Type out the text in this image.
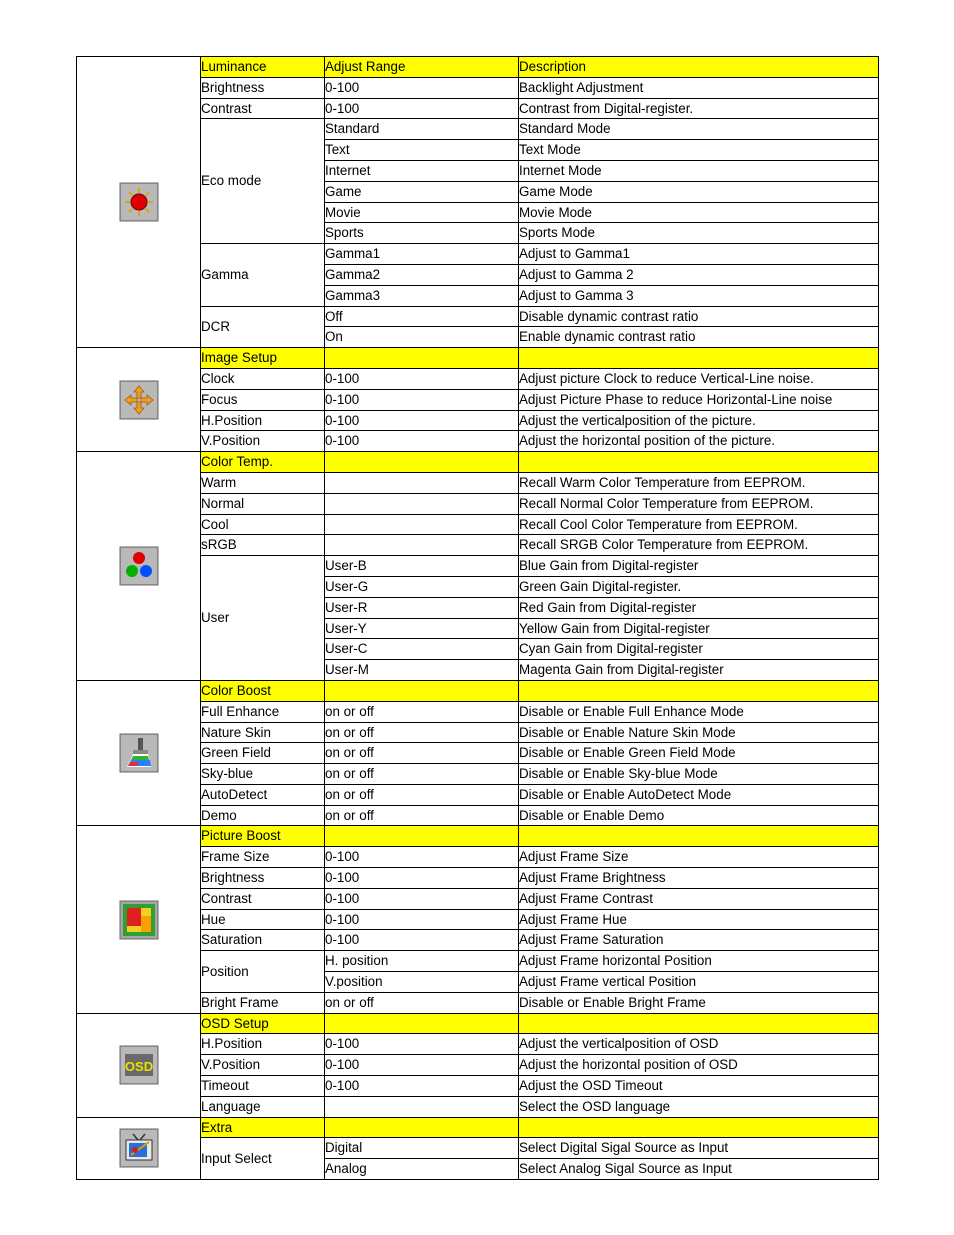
	Luminance	Adjust Range	Description
	Brightness	0-100	Backlight Adjustment
	Contrast	0-100	Contrast from Digital-register.
	Eco mode	Standard	Standard Mode
		Text	Text Mode
		Internet	Internet Mode
		Game	Game Mode
		Movie	Movie Mode
		Sports	Sports Mode
	Gamma	Gamma1	Adjust to Gamma1
		Gamma2	Adjust to Gamma 2
		Gamma3	Adjust to Gamma 3
	DCR	Off	Disable dynamic contrast ratio
		On	Enable dynamic contrast ratio
	Image Setup		
	Clock	0-100	Adjust picture Clock to reduce Vertical-Line noise.
	Focus	0-100	Adjust Picture Phase to reduce Horizontal-Line noise
	H.Position	0-100	Adjust the verticalposition of the picture.
	V.Position	0-100	Adjust the horizontal position of the picture.
	Color Temp.		
	Warm		Recall Warm Color Temperature from EEPROM.
	Normal		Recall Normal Color Temperature from EEPROM.
	Cool		Recall Cool Color Temperature from EEPROM.
	sRGB		Recall SRGB Color Temperature from EEPROM.
	User	User-B	Blue Gain from Digital-register
		User-G	Green Gain Digital-register.
		User-R	Red Gain from Digital-register
		User-Y	Yellow Gain from Digital-register
		User-C	Cyan Gain from Digital-register
		User-M	Magenta Gain from Digital-register
	Color Boost		
	Full Enhance	on or off	Disable or Enable Full Enhance Mode
	Nature Skin	on or off	Disable or Enable Nature Skin Mode
	Green Field	on or off	Disable or Enable Green Field Mode
	Sky-blue	on or off	Disable or Enable Sky-blue Mode
	AutoDetect	on or off	Disable or Enable AutoDetect Mode
	Demo	on or off	Disable or Enable Demo
	Picture Boost		
	Frame Size	0-100	Adjust Frame Size
	Brightness	0-100	Adjust Frame Brightness
	Contrast	0-100	Adjust Frame Contrast
	Hue	0-100	Adjust Frame Hue
	Saturation	0-100	Adjust Frame Saturation
	Position	H. position	Adjust Frame horizontal Position
		V.position	Adjust Frame vertical Position
	Bright Frame	on or off	Disable or Enable Bright Frame

OSD	OSD Setup		
	H.Position	0-100	Adjust the verticalposition of OSD
	V.Position	0-100	Adjust the horizontal position of OSD
	Timeout	0-100	Adjust the OSD Timeout
	Language		Select the OSD language
	Extra		
	Input Select	Digital	Select Digital Sigal Source as Input
		Analog	Select Analog Sigal Source as Input
